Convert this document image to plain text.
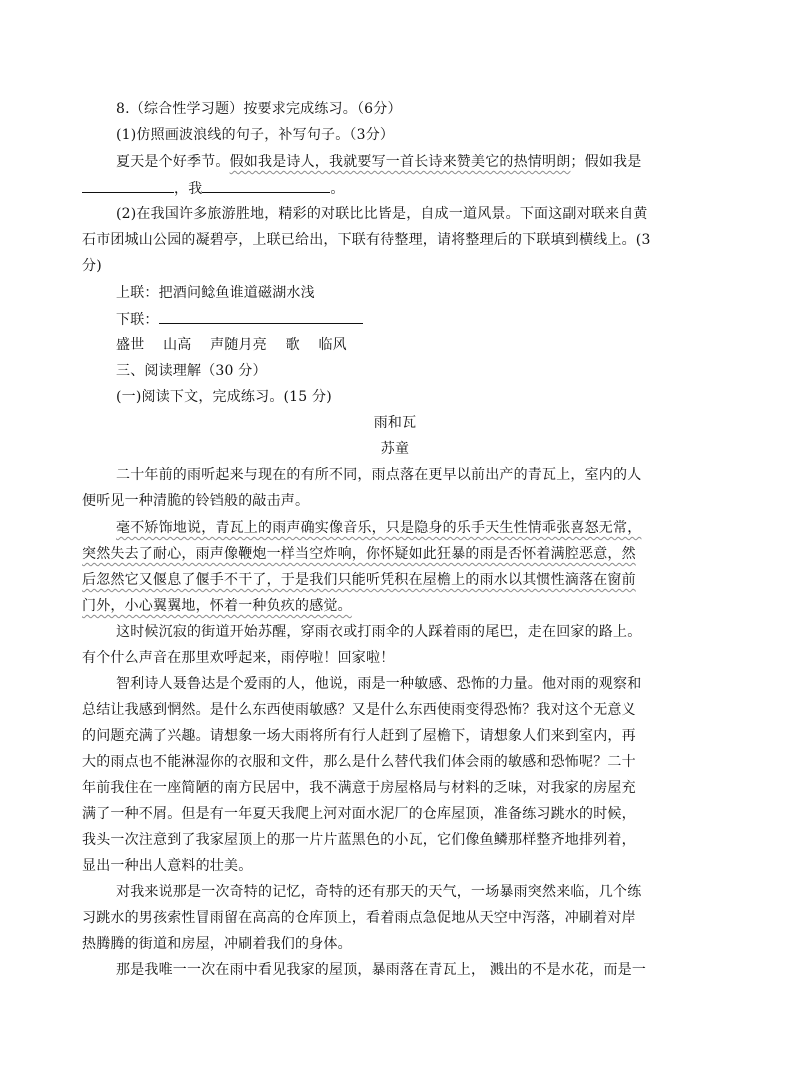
8.（综合性学习题）按要求完成练习。（6分）
(1)仿照画波浪线的句子，补写句子。（3分）
夏天是个好季节。假如我是诗人，我就要写一首长诗来赞美它的热情明朗；假如我是
，我	。
(2)在我国许多旅游胜地，精彩的对联比比皆是，自成一道风景。下面这副对联来自黄
石市团城山公园的凝碧亭，上联已给出，下联有待整理，请将整理后的下联填到横线上。(3
分)
上联：把酒问鲶鱼谁道磁湖水浅
下联：
盛世 山高 声随月亮 歌 临风
三、阅读理解（30 分）
(一)阅读下文，完成练习。(15 分)
雨和瓦
苏童
二十年前的雨听起来与现在的有所不同，雨点落在更早以前出产的青瓦上，室内的人
便听见一种清脆的铃铛般的敲击声。
毫不矫饰地说，青瓦上的雨声确实像音乐，只是隐身的乐手天生性情乖张喜怒无常，
突然失去了耐心，雨声像鞭炮一样当空炸响，你怀疑如此狂暴的雨是否怀着满腔恶意，然
后忽然它又偃息了偃手不干了，于是我们只能听凭积在屋檐上的雨水以其惯性滴落在窗前
门外，小心翼翼地，怀着一种负疚的感觉。
这时候沉寂的街道开始苏醒，穿雨衣或打雨伞的人踩着雨的尾巴，走在回家的路上。
有个什么声音在那里欢呼起来，雨停啦！回家啦！
智利诗人聂鲁达是个爱雨的人，他说，雨是一种敏感、恐怖的力量。他对雨的观察和
总结让我感到惘然。是什么东西使雨敏感？又是什么东西使雨变得恐怖？我对这个无意义
的问题充满了兴趣。请想象一场大雨将所有行人赶到了屋檐下，请想象人们来到室内，再
大的雨点也不能淋湿你的衣服和文件，那么是什么替代我们体会雨的敏感和恐怖呢？二十
年前我住在一座简陋的南方民居中，我不满意于房屋格局与材料的乏味，对我家的房屋充
满了一种不屑。但是有一年夏天我爬上河对面水泥厂的仓库屋顶，准备练习跳水的时候，
我头一次注意到了我家屋顶上的那一片片蓝黑色的小瓦，它们像鱼鳞那样整齐地排列着，
显出一种出人意料的壮美。
对我来说那是一次奇特的记忆，奇特的还有那天的天气，一场暴雨突然来临，几个练
习跳水的男孩索性冒雨留在高高的仓库顶上，看着雨点急促地从天空中泻落，冲刷着对岸
热腾腾的街道和房屋，冲刷着我们的身体。
那是我唯一一次在雨中看见我家的屋顶，暴雨落在青瓦上， 溅出的不是水花，而是一
